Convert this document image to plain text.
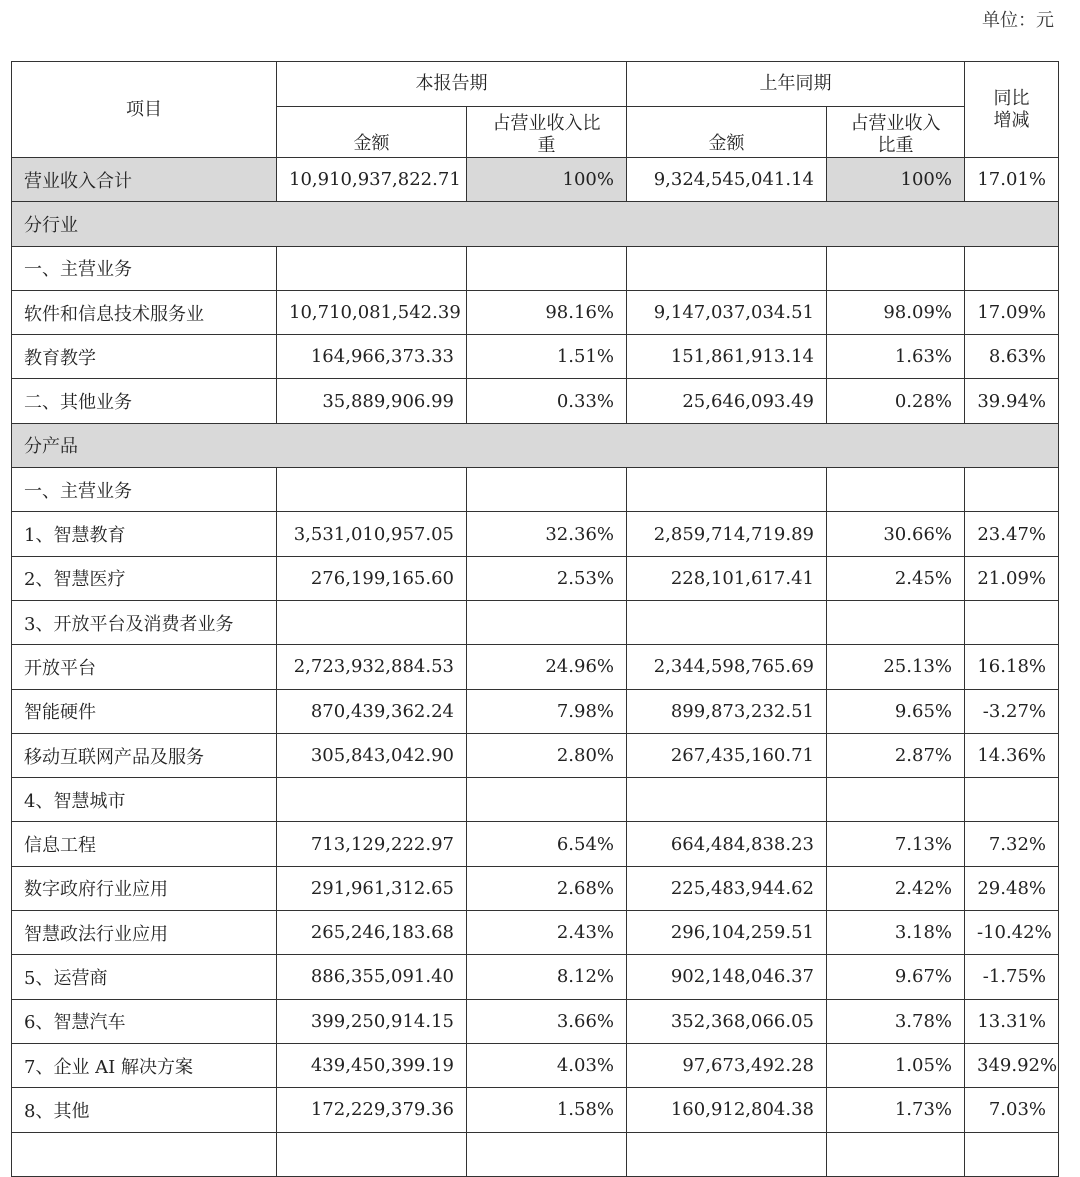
单位：元
项目	本报告期		上年同期		同比增减
	金额	占营业收入比重	金额	占营业收入比重	
营业收入合计	10,910,937,822.71	100%	9,324,545,041.14	100%	17.01%
分行业					
一、主营业务					
软件和信息技术服务业	10,710,081,542.39	98.16%	9,147,037,034.51	98.09%	17.09%
教育教学	164,966,373.33	1.51%	151,861,913.14	1.63%	8.63%
二、其他业务	35,889,906.99	0.33%	25,646,093.49	0.28%	39.94%
分产品					
一、主营业务					
1、智慧教育	3,531,010,957.05	32.36%	2,859,714,719.89	30.66%	23.47%
2、智慧医疗	276,199,165.60	2.53%	228,101,617.41	2.45%	21.09%
3、开放平台及消费者业务					
开放平台	2,723,932,884.53	24.96%	2,344,598,765.69	25.13%	16.18%
智能硬件	870,439,362.24	7.98%	899,873,232.51	9.65%	-3.27%
移动互联网产品及服务	305,843,042.90	2.80%	267,435,160.71	2.87%	14.36%
4、智慧城市					
信息工程	713,129,222.97	6.54%	664,484,838.23	7.13%	7.32%
数字政府行业应用	291,961,312.65	2.68%	225,483,944.62	2.42%	29.48%
智慧政法行业应用	265,246,183.68	2.43%	296,104,259.51	3.18%	-10.42%
5、运营商	886,355,091.40	8.12%	902,148,046.37	9.67%	-1.75%
6、智慧汽车	399,250,914.15	3.66%	352,368,066.05	3.78%	13.31%
7、企业 AI 解决方案	439,450,399.19	4.03%	97,673,492.28	1.05%	349.92%
8、其他	172,229,379.36	1.58%	160,912,804.38	1.73%	7.03%
